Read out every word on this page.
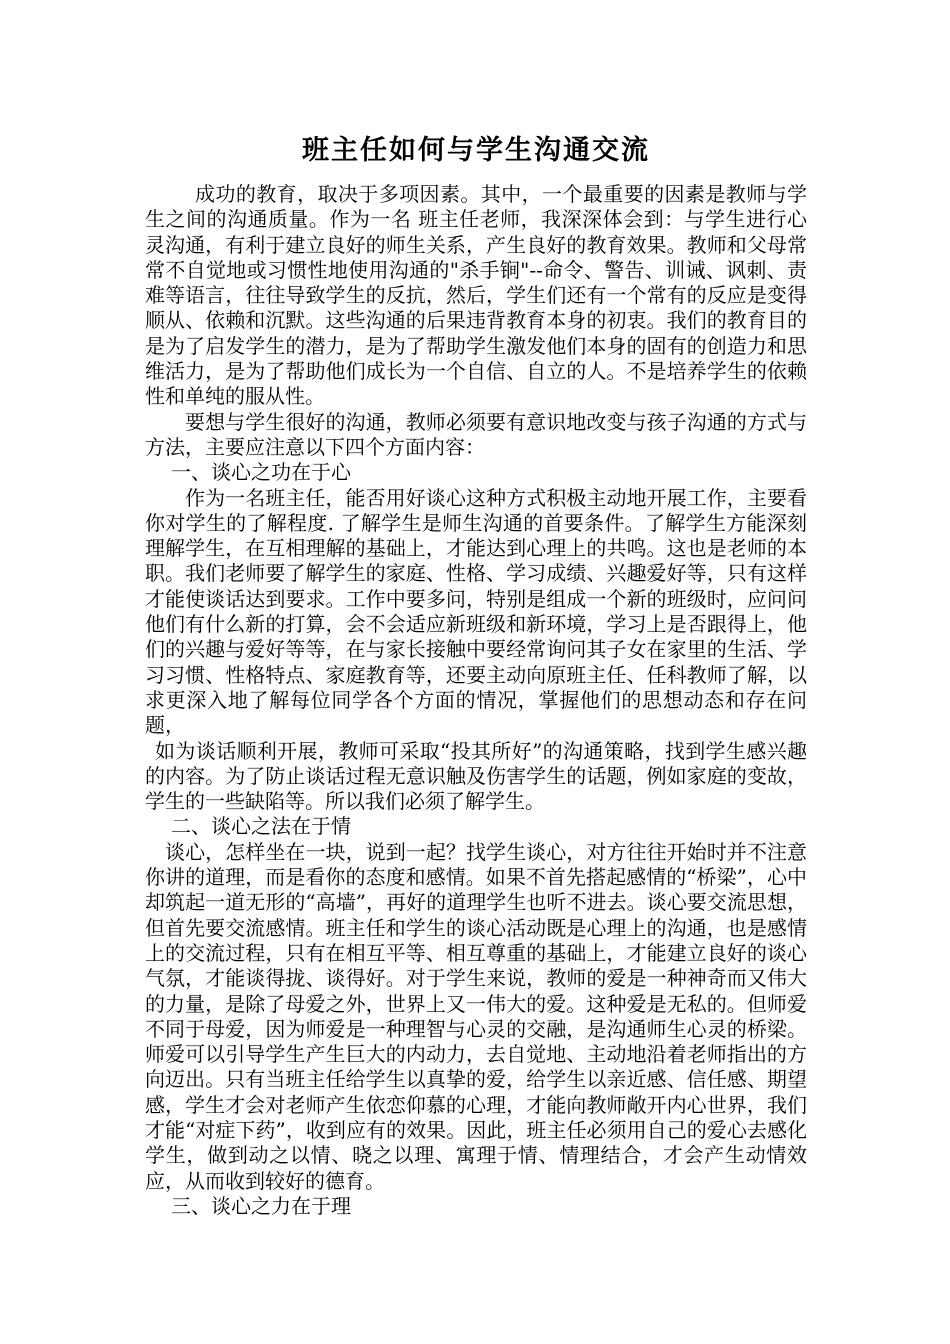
班主任如何与学生沟通交流

成功的教育，取决于多项因素。其中，一个最重要的因素是教师与学生之间的沟通质量。作为一名 班主任老师，我深深体会到：与学生进行心灵沟通，有利于建立良好的师生关系，产生良好的教育效果。教师和父母常常不自觉地或习惯性地使用沟通的"杀手锏"--命令、警告、训诫、讽刺、责难等语言，往往导致学生的反抗，然后，学生们还有一个常有的反应是变得顺从、依赖和沉默。这些沟通的后果违背教育本身的初衷。我们的教育目的是为了启发学生的潜力，是为了帮助学生激发他们本身的固有的创造力和思维活力，是为了帮助他们成长为一个自信、自立的人。不是培养学生的依赖性和单纯的服从性。

要想与学生很好的沟通，教师必须要有意识地改变与孩子沟通的方式与方法，主要应注意以下四个方面内容：

一、谈心之功在于心

作为一名班主任，能否用好谈心这种方式积极主动地开展工作，主要看你对学生的了解程度. 了解学生是师生沟通的首要条件。了解学生方能深刻理解学生，在互相理解的基础上，才能达到心理上的共鸣。这也是老师的本职。我们老师要了解学生的家庭、性格、学习成绩、兴趣爱好等，只有这样才能使谈话达到要求。工作中要多问，特别是组成一个新的班级时，应问问他们有什么新的打算，会不会适应新班级和新环境，学习上是否跟得上，他们的兴趣与爱好等等，在与家长接触中要经常询问其子女在家里的生活、学习习惯、性格特点、家庭教育等，还要主动向原班主任、任科教师了解，以求更深入地了解每位同学各个方面的情况，掌握他们的思想动态和存在问题，

如为谈话顺利开展，教师可采取“投其所好”的沟通策略，找到学生感兴趣的内容。为了防止谈话过程无意识触及伤害学生的话题，例如家庭的变故，学生的一些缺陷等。所以我们必须了解学生。

二、谈心之法在于情

谈心，怎样坐在一块，说到一起？找学生谈心，对方往往开始时并不注意你讲的道理，而是看你的态度和感情。如果不首先搭起感情的“桥梁”，心中却筑起一道无形的“高墙”，再好的道理学生也听不进去。谈心要交流思想，但首先要交流感情。班主任和学生的谈心活动既是心理上的沟通，也是感情上的交流过程，只有在相互平等、相互尊重的基础上，才能建立良好的谈心气氛，才能谈得拢、谈得好。对于学生来说，教师的爱是一种神奇而又伟大的力量，是除了母爱之外，世界上又一伟大的爱。这种爱是无私的。但师爱不同于母爱，因为师爱是一种理智与心灵的交融，是沟通师生心灵的桥梁。师爱可以引导学生产生巨大的内动力，去自觉地、主动地沿着老师指出的方向迈出。只有当班主任给学生以真挚的爱，给学生以亲近感、信任感、期望感，学生才会对老师产生依恋仰慕的心理，才能向教师敞开内心世界，我们才能“对症下药”，收到应有的效果。因此，班主任必须用自己的爱心去感化学生，做到动之以情、晓之以理、寓理于情、情理结合，才会产生动情效应，从而收到较好的德育。

三、谈心之力在于理
